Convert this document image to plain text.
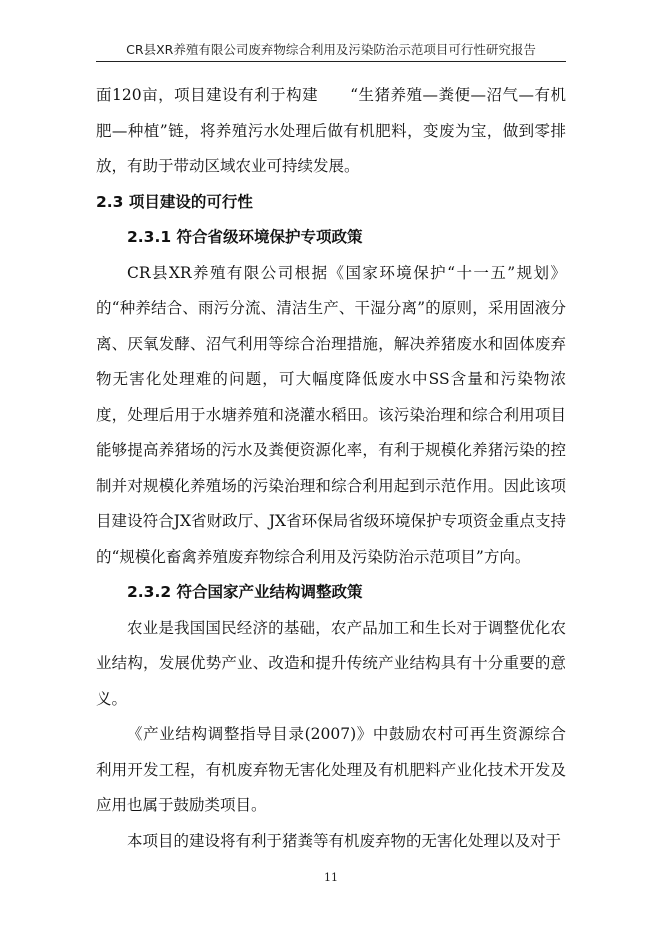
CR县XR养殖有限公司废弃物综合利用及污染防治示范项目可行性研究报告

面120亩，项目建设有利于构建　　“生猪养殖—粪便—沼气—有机肥—种植”链，将养殖污水处理后做有机肥料，变废为宝，做到零排放，有助于带动区域农业可持续发展。

2.3 项目建设的可行性

2.3.1 符合省级环境保护专项政策

CR县XR养殖有限公司根据《国家环境保护“十一五”规划》的“种养结合、雨污分流、清洁生产、干湿分离”的原则，采用固液分离、厌氧发酵、沼气利用等综合治理措施，解决养猪废水和固体废弃物无害化处理难的问题，可大幅度降低废水中SS含量和污染物浓度，处理后用于水塘养殖和浇灌水稻田。该污染治理和综合利用项目能够提高养猪场的污水及粪便资源化率，有利于规模化养猪污染的控制并对规模化养殖场的污染治理和综合利用起到示范作用。因此该项目建设符合JX省财政厅、JX省环保局省级环境保护专项资金重点支持的“规模化畜禽养殖废弃物综合利用及污染防治示范项目”方向。

2.3.2 符合国家产业结构调整政策

农业是我国国民经济的基础，农产品加工和生长对于调整优化农业结构，发展优势产业、改造和提升传统产业结构具有十分重要的意义。

《产业结构调整指导目录(2007)》中鼓励农村可再生资源综合利用开发工程，有机废弃物无害化处理及有机肥料产业化技术开发及应用也属于鼓励类项目。

本项目的建设将有利于猪粪等有机废弃物的无害化处理以及对于

11
